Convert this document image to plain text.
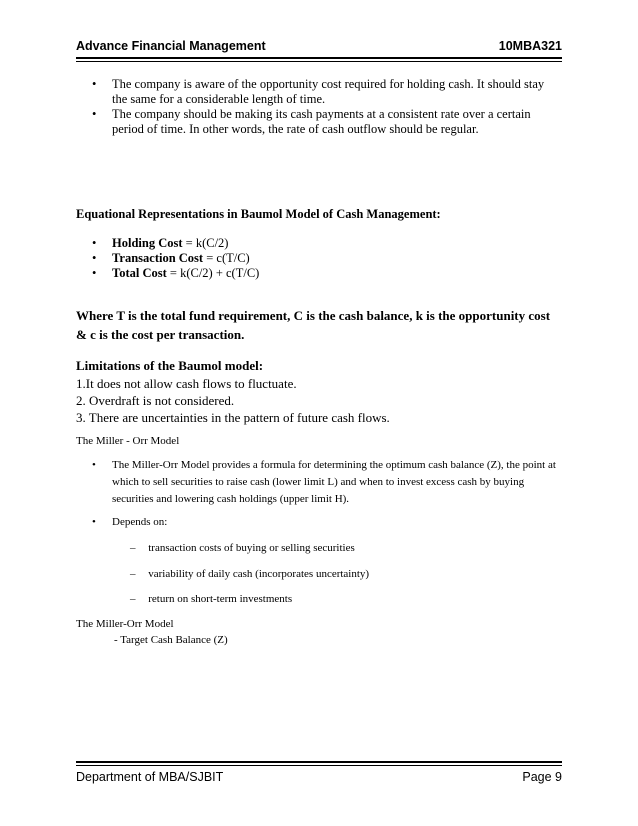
Advance Financial Management	10MBA321
• The company is aware of the opportunity cost required for holding cash. It should stay the same for a considerable length of time.
• The company should be making its cash payments at a consistent rate over a certain period of time. In other words, the rate of cash outflow should be regular.
Equational Representations in Baumol Model of Cash Management:
• Holding Cost = k(C/2)
• Transaction Cost = c(T/C)
• Total Cost = k(C/2) + c(T/C)
Where T is the total fund requirement, C is the cash balance, k is the opportunity cost & c is the cost per transaction.
Limitations of the Baumol model:
1.It does not allow cash flows to fluctuate.
2. Overdraft is not considered.
3. There are uncertainties in the pattern of future cash flows.
The Miller - Orr Model
• The Miller-Orr Model provides a formula for determining the optimum cash balance (Z), the point at which to sell securities to raise cash (lower limit L) and when to invest excess cash by buying securities and lowering cash holdings (upper limit H).
• Depends on:
– transaction costs of buying or selling securities
– variability of daily cash (incorporates uncertainty)
– return on short-term investments
The Miller-Orr Model
- Target Cash Balance (Z)
Department of MBA/SJBIT	Page 9
